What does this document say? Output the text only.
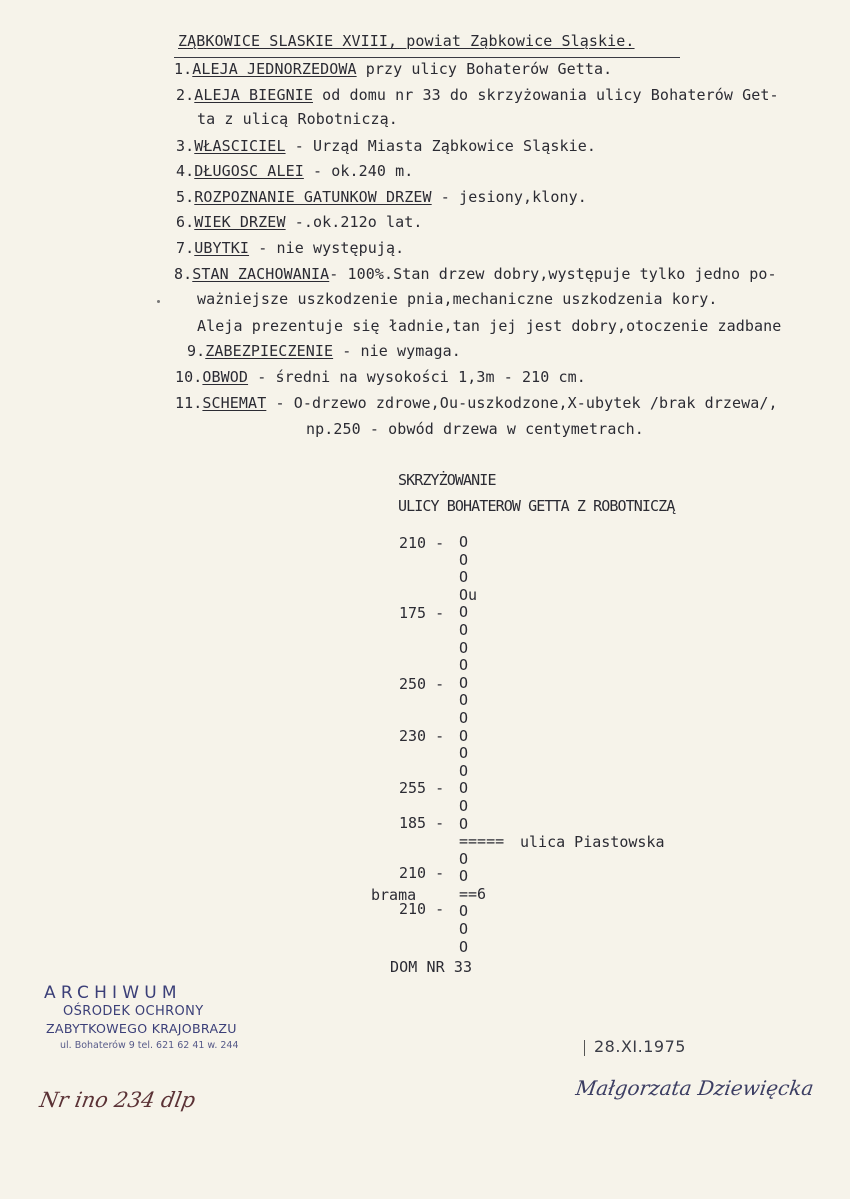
ZĄBKOWICE SLASKIE XVIII, powiat Ząbkowice Sląskie.
1.ALEJA JEDNORZEDOWA przy ulicy Bohaterów Getta.
2.ALEJA BIEGNIE od domu nr 33 do skrzyżowania ulicy Bohaterów Get-
ta z ulicą Robotniczą.
3.WŁASCICIEL - Urząd Miasta Ząbkowice Sląskie.
4.DŁUGOSC ALEI - ok.240 m.
5.ROZPOZNANIE GATUNKOW DRZEW - jesiony,klony.
6.WIEK DRZEW -.ok.212o lat.
7.UBYTKI - nie występują.
8.STAN ZACHOWANIA- 100%.Stan drzew dobry,występuje tylko jedno po-
ważniejsze uszkodzenie pnia,mechaniczne uszkodzenia kory.
Aleja prezentuje się ładnie,tan jej jest dobry,otoczenie zadbane
9.ZABEZPIECZENIE - nie wymaga.
10.OBWOD - średni na wysokości 1,3m - 210 cm.
11.SCHEMAT - O-drzewo zdrowe,Ou-uszkodzone,X-ubytek /brak drzewa/,
np.250 - obwód drzewa w centymetrach.
SKRZYŻOWANIE
ULICY BOHATEROW GETTA Z ROBOTNICZĄ
O
O
O
Ou
O
O
O
O
O
O
O
O
O
O
O
O
O
=====
O
O
==6
O
O
O
210 -
175 -
250 -
230 -
255 -
185 -
210 -
210 -
ulica Piastowska
brama
DOM NR 33
ARCHIWUM
OŚRODEK OCHRONY
ZABYTKOWEGO KRAJOBRAZU
ul. Bohaterów 9 tel. 621 62 41 w. 244
Nr ino 234 dlp
28.XI.1975
Małgorzata Dziewięcka
